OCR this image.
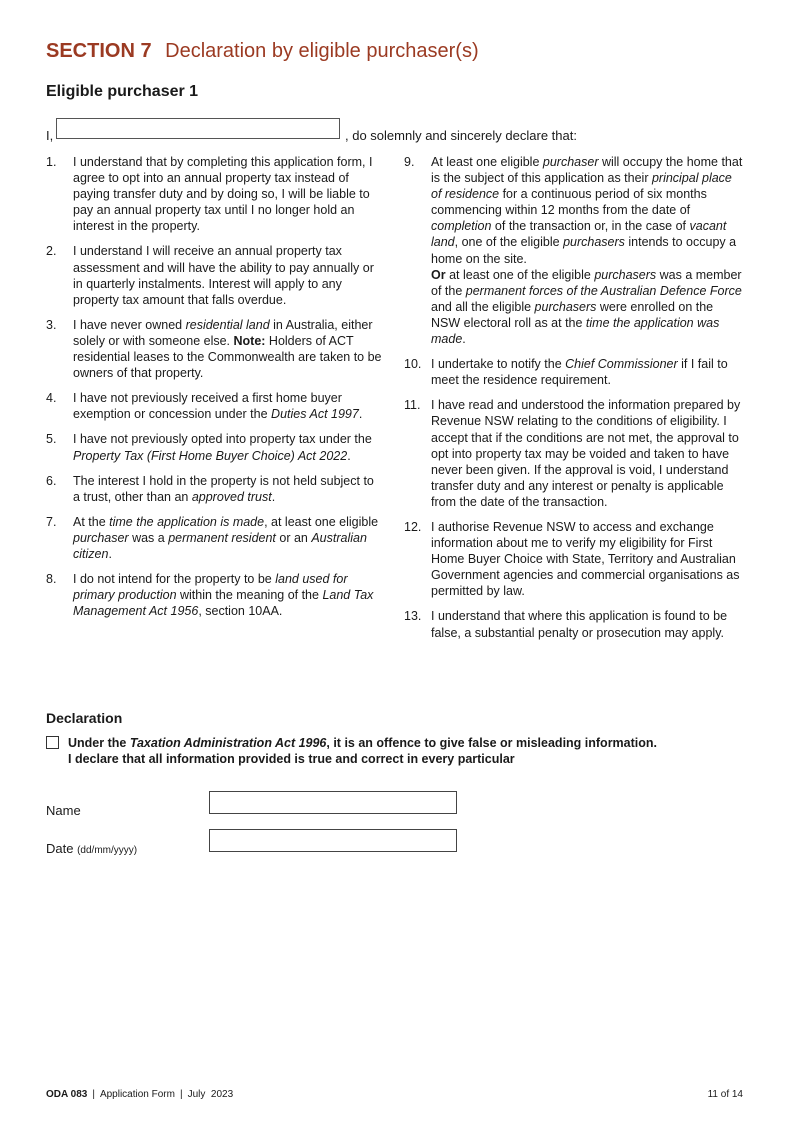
SECTION 7 Declaration by eligible purchaser(s)
Eligible purchaser 1
I,	, do solemnly and sincerely declare that:
1.	I understand that by completing this application form, I agree to opt into an annual property tax instead of paying transfer duty and by doing so, I will be liable to pay an annual property tax until I no longer hold an interest in the property.
2.	I understand I will receive an annual property tax assessment and will have the ability to pay annually or in quarterly instalments. Interest will apply to any property tax amount that falls overdue.
3.	I have never owned residential land in Australia, either solely or with someone else. Note: Holders of ACT residential leases to the Commonwealth are taken to be owners of that property.
4.	I have not previously received a first home buyer exemption or concession under the Duties Act 1997.
5.	I have not previously opted into property tax under the Property Tax (First Home Buyer Choice) Act 2022.
6.	The interest I hold in the property is not held subject to a trust, other than an approved trust.
7.	At the time the application is made, at least one eligible purchaser was a permanent resident or an Australian citizen.
8.	I do not intend for the property to be land used for primary production within the meaning of the Land Tax Management Act 1956, section 10AA.
9.	At least one eligible purchaser will occupy the home that is the subject of this application as their principal place of residence for a continuous period of six months commencing within 12 months from the date of completion of the transaction or, in the case of vacant land, one of the eligible purchasers intends to occupy a home on the site.
Or at least one of the eligible purchasers was a member of the permanent forces of the Australian Defence Force and all the eligible purchasers were enrolled on the NSW electoral roll as at the time the application was made.
10. I undertake to notify the Chief Commissioner if I fail to meet the residence requirement.
11. I have read and understood the information prepared by Revenue NSW relating to the conditions of eligibility. I accept that if the conditions are not met, the approval to opt into property tax may be voided and taken to have never been given. If the approval is void, I understand transfer duty and any interest or penalty is applicable from the date of the transaction.
12. I authorise Revenue NSW to access and exchange information about me to verify my eligibility for First Home Buyer Choice with State, Territory and Australian Government agencies and commercial organisations as permitted by law.
13. I understand that where this application is found to be false, a substantial penalty or prosecution may apply.
Declaration
Under the Taxation Administration Act 1996, it is an offence to give false or misleading information.
I declare that all information provided is true and correct in every particular
Name
Date (dd/mm/yyyy)
ODA 083 | Application Form | July  2023	11 of 14
